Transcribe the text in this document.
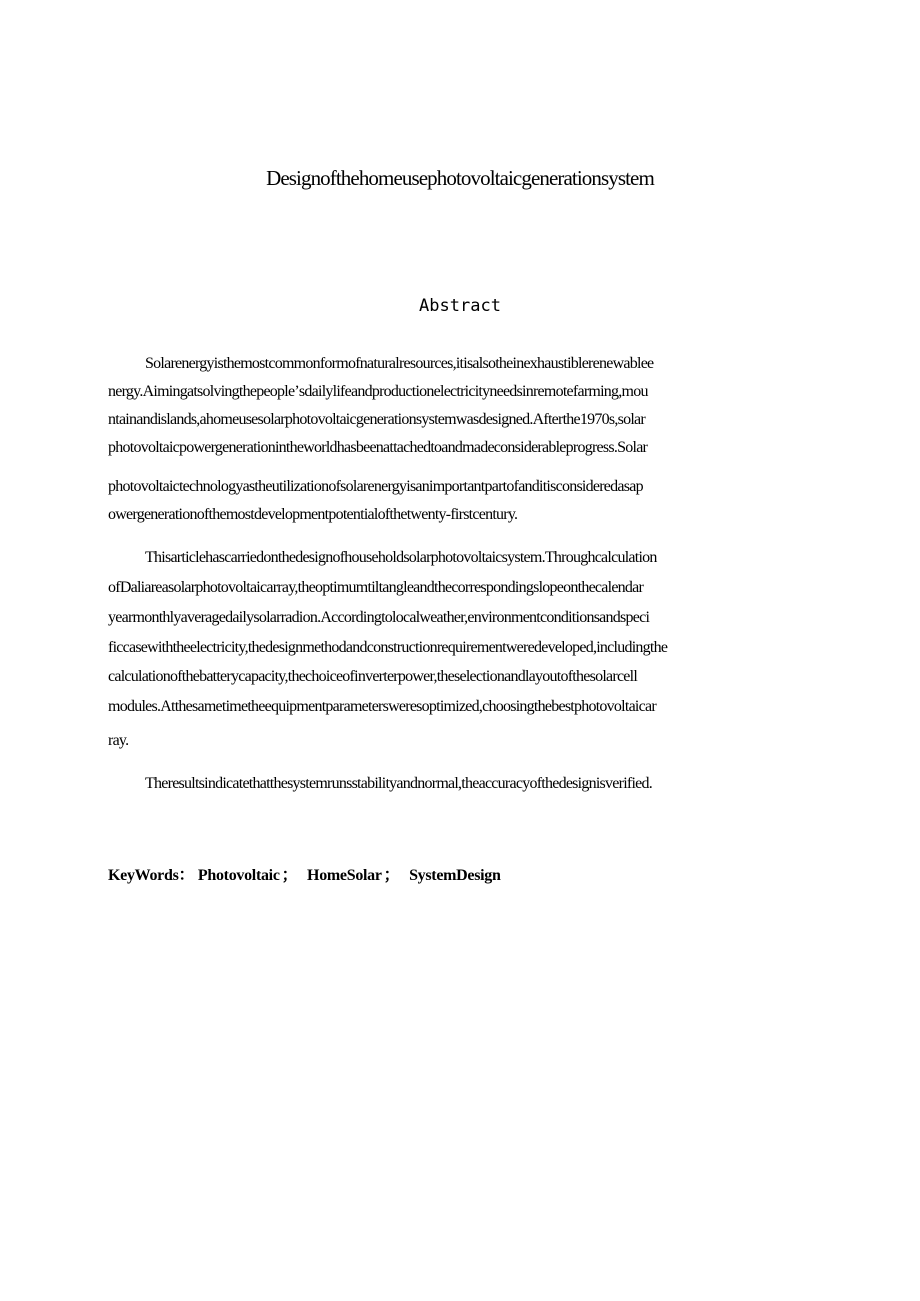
Designofthehomeusephotovoltaicgenerationsystem
Abstract
Solarenergyisthemostcommonformofnaturalresources,itisalsotheinexhaustiblerenewableе
nergy.Aimingatsolvingthepeopleʼsdailylifeandproductionelectricityneedsinremotefarming,mou
ntainandislands,ahomeusesolarphotovoltaicgenerationsystemwasdesigned.Afterthe1970s,solar
photovoltaicpowergenerationintheworldhasbeenattachedtoandmadeconsiderableprogress.Solar
photovoltaictechnologyastheutilizationofsolarenergyisanimportantpartofanditisconsideredasap
owergenerationofthemostdevelopmentpotentialofthetwenty-firstcentury.
Thisarticlehascarriedonthedesignofhouseholdsolarphotovoltaicsystem.Throughcalculation
ofDaliareasolarphotovoltaicarray,theoptimumtiltangleandthecorrespondingslopeonthecalendar
yearmonthlyaveragedailysolarradion.Accordingtolocalweather,environmentconditionsandspeci
ficcasewiththeelectricity,thedesignmethodandconstructionrequirementweredeveloped,includingthe
calculationofthebatterycapacity,thechoiceofinverterpower,theselectionandlayoutofthesolarcell
modules.Atthesametimetheequipmentparametersweresoptimized,choosingthebestphotovoltaicar
ray.
Theresultsindicatethatthesystemrunsstabilityandnormal,theaccuracyofthedesignisverified.
KeyWords： Photovoltaic ； HomeSolar ； SystemDesign
